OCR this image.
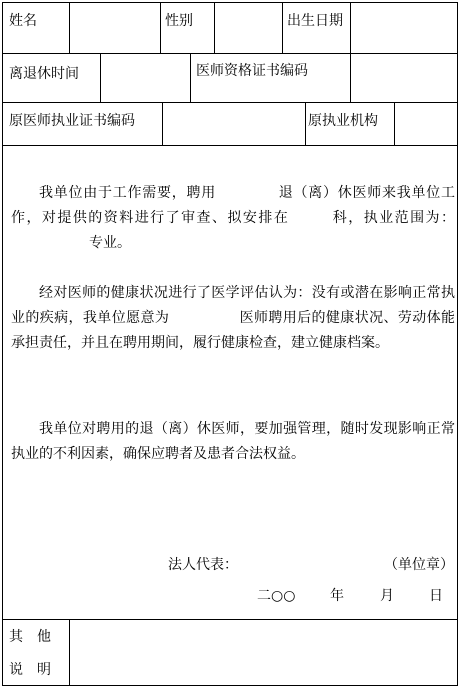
姓名	性别	出生日期
离退休时间	医师资格证书编码
原医师执业证书编码	原执业机构
我单位由于工作需要，聘用	退（离）休医师来我单位工作，对提供的资料进行了审查、拟安排在	科，执业范围为：专业。
经对医师的健康状况进行了医学评估认为：没有或潜在影响正常执业的疾病，我单位愿意为	医师聘用后的健康状况、劳动体能承担责任，并且在聘用期间，履行健康检查，建立健康档案。
我单位对聘用的退（离）休医师，要加强管理，随时发现影响正常执业的不利因素，确保应聘者及患者合法权益。
法人代表：	（单位章）
二○○ 年	月	日
其　他
说　明
